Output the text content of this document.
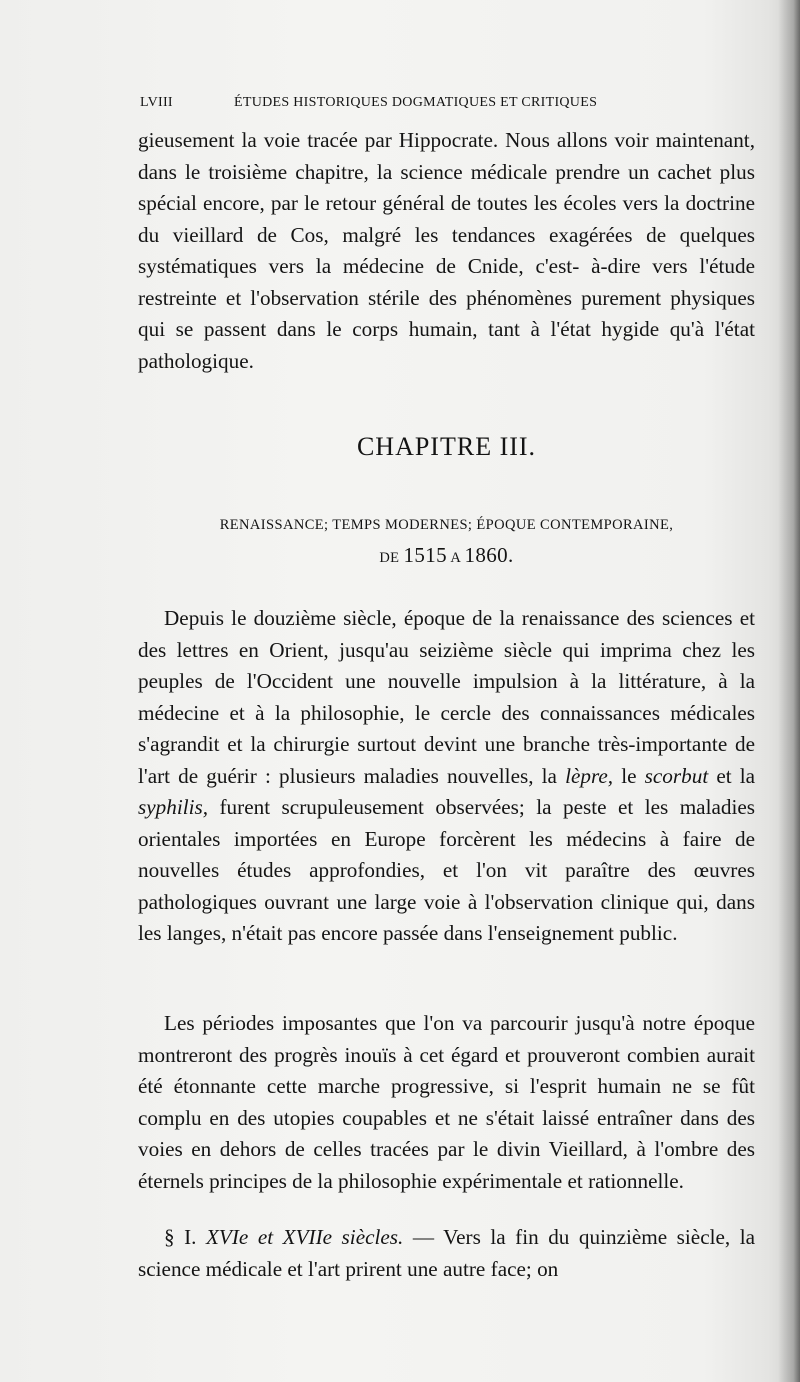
LVIII	ÉTUDES HISTORIQUES DOGMATIQUES ET CRITIQUES
gieusement la voie tracée par Hippocrate. Nous allons voir maintenant, dans le troisième chapitre, la science médicale prendre un cachet plus spécial encore, par le retour général de toutes les écoles vers la doctrine du vieillard de Cos, malgré les tendances exagérées de quelques systématiques vers la médecine de Cnide, c'est- à-dire vers l'étude restreinte et l'observation stérile des phénomènes purement physiques qui se passent dans le corps humain, tant à l'état hygide qu'à l'état pathologique.
CHAPITRE III.
RENAISSANCE; TEMPS MODERNES; ÉPOQUE CONTEMPORAINE,
DE 1515 A 1860.

Depuis le douzième siècle, époque de la renaissance des sciences et des lettres en Orient, jusqu'au seizième siècle qui imprima chez les peuples de l'Occident une nouvelle impulsion à la littérature, à la médecine et à la philosophie, le cercle des connaissances médicales s'agrandit et la chirurgie surtout devint une branche très-importante de l'art de guérir : plusieurs maladies nouvelles, la lèpre, le scorbut et la syphilis, furent scrupuleusement observées; la peste et les maladies orientales importées en Europe forcèrent les médecins à faire de nouvelles études approfondies, et l'on vit paraître des œuvres pathologiques ouvrant une large voie à l'observation clinique qui, dans les langes, n'était pas encore passée dans l'enseignement public.

Les périodes imposantes que l'on va parcourir jusqu'à notre époque montreront des progrès inouïs à cet égard et prouveront combien aurait été étonnante cette marche progressive, si l'esprit humain ne se fût complu en des utopies coupables et ne s'était laissé entraîner dans des voies en dehors de celles tracées par le divin Vieillard, à l'ombre des éternels principes de la philosophie expérimentale et rationnelle.

§ I. XVIe et XVIIe siècles. — Vers la fin du quinzième siècle, la science médicale et l'art prirent une autre face; on
